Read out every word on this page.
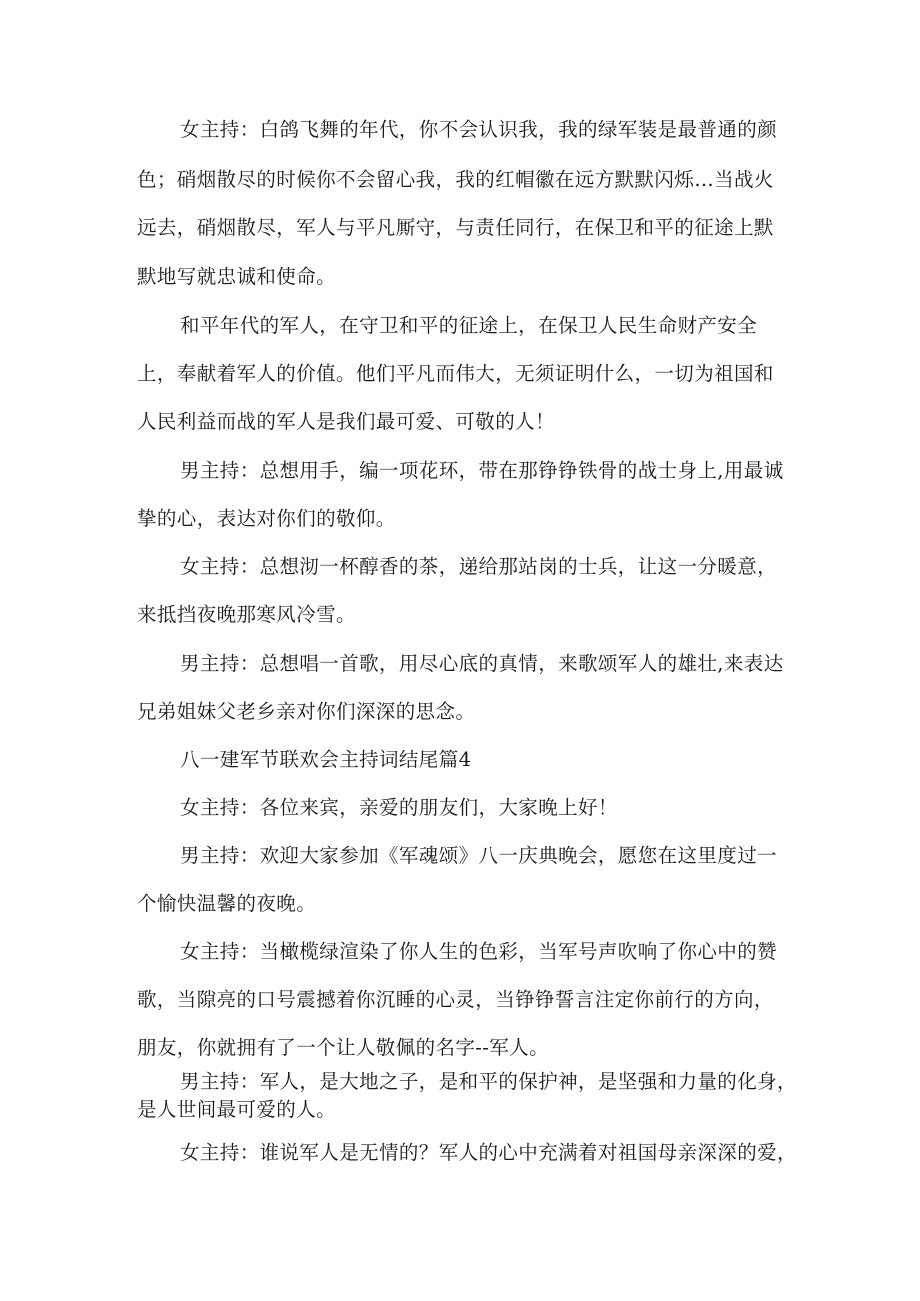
女主持：白鸽飞舞的年代，你不会认识我，我的绿军装是最普通的颜

色；硝烟散尽的时候你不会留心我，我的红帽徽在远方默默闪烁…当战火

远去，硝烟散尽，军人与平凡厮守，与责任同行，在保卫和平的征途上默

默地写就忠诚和使命。

和平年代的军人，在守卫和平的征途上，在保卫人民生命财产安全

上，奉献着军人的价值。他们平凡而伟大，无须证明什么，一切为祖国和

人民利益而战的军人是我们最可爱、可敬的人！

男主持：总想用手，编一项花环，带在那铮铮铁骨的战士身上,用最诚

挚的心，表达对你们的敬仰。

女主持：总想沏一杯醇香的茶，递给那站岗的士兵，让这一分暖意，

来抵挡夜晚那寒风冷雪。

男主持：总想唱一首歌，用尽心底的真情，来歌颂军人的雄壮,来表达

兄弟姐妹父老乡亲对你们深深的思念。

八一建军节联欢会主持词结尾篇4

女主持：各位来宾，亲爱的朋友们，大家晚上好！

男主持：欢迎大家参加《军魂颂》八一庆典晚会，愿您在这里度过一

个愉快温馨的夜晚。

女主持：当橄榄绿渲染了你人生的色彩，当军号声吹响了你心中的赞

歌，当隙亮的口号震撼着你沉睡的心灵，当铮铮誓言注定你前行的方向，

朋友，你就拥有了一个让人敬佩的名字--军人。

男主持：军人，是大地之子，是和平的保护神，是坚强和力量的化身，

是人世间最可爱的人。

女主持：谁说军人是无情的？军人的心中充满着对祖国母亲深深的爱，
